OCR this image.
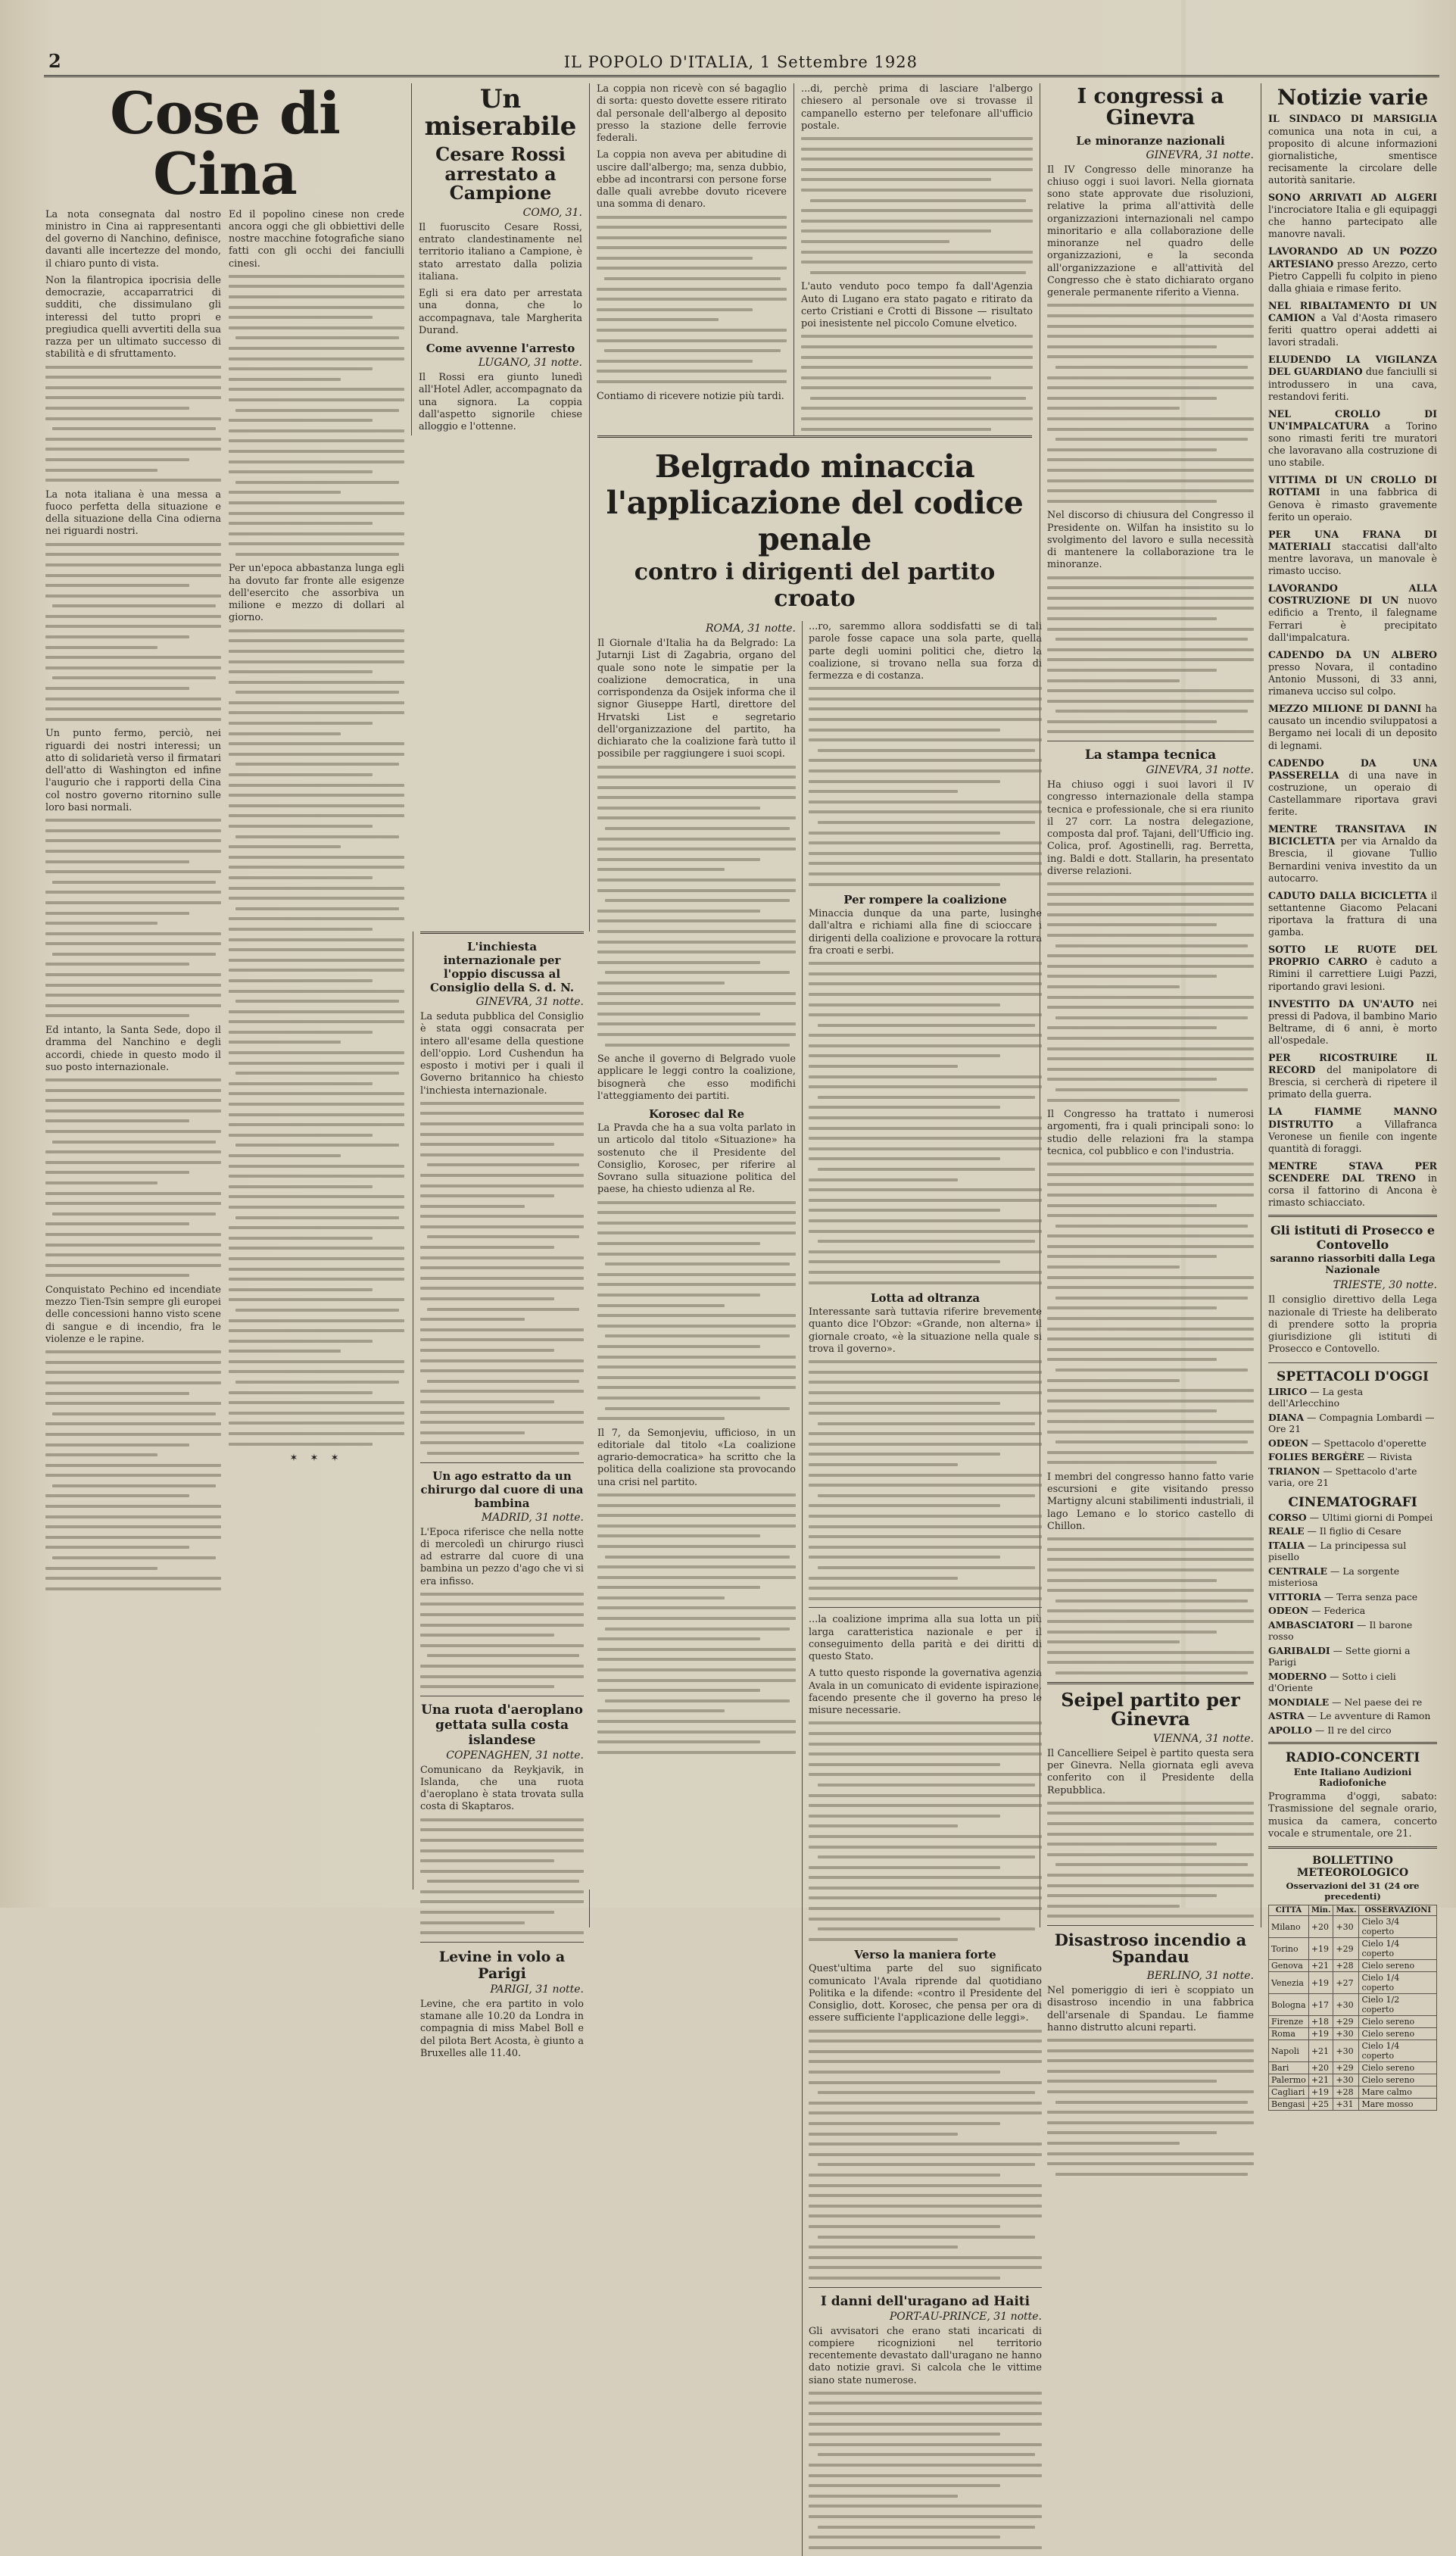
2	IL POPOLO D'ITALIA, 1 Settembre 1928
Cose di Cina

La nota consegnata dal nostro ministro in Cina ai rappresentanti del governo di Nanchino, definisce, davanti alle incertezze del mondo, il chiaro punto di vista.

Non la filantropica ipocrisia delle democrazie, accaparratrici di sudditi, che dissimulano gli interessi del tutto propri e pregiudica quelli avvertiti della sua razza per un ultimato successo di stabilità e di sfruttamento.

La nota italiana è una messa a fuoco perfetta della situazione e della situazione della Cina odierna nei riguardi nostri.

Un punto fermo, perciò, nei riguardi dei nostri interessi; un atto di solidarietà verso il firmatari dell'atto di Washington ed infine l'augurio che i rapporti della Cina col nostro governo ritornino sulle loro basi normali.

Ed intanto, la Santa Sede, dopo il dramma del Nanchino e degli accordi, chiede in questo modo il suo posto internazionale.

Conquistato Pechino ed incendiate mezzo Tien-Tsin sempre gli europei delle concessioni hanno visto scene di sangue e di incendio, fra le violenze e le rapine.

Ed il popolino cinese non crede ancora oggi che gli obbiettivi delle nostre macchine fotografiche siano fatti con gli occhi dei fanciulli cinesi.

Per un'epoca abbastanza lunga egli ha dovuto far fronte alle esigenze dell'esercito che assorbiva un milione e mezzo di dollari al giorno.

✶ ✶ ✶
Un miserabile
Cesare Rossi arrestato a Campione
COMO, 31.

Il fuoruscito Cesare Rossi, entrato clandestinamente nel territorio italiano a Campione, è stato arrestato dalla polizia italiana.

Egli si era dato per arrestata una donna, che lo accompagnava, tale Margherita Durand.

Come avvenne l'arresto
LUGANO, 31 notte.

Il Rossi era giunto lunedì all'Hotel Adler, accompagnato da una signora. La coppia dall'aspetto signorile chiese alloggio e l'ottenne.

La coppia non ricevè con sé bagaglio di sorta: questo dovette essere ritirato dal personale dell'albergo al deposito presso la stazione delle ferrovie federali.

La coppia non aveva per abitudine di uscire dall'albergo; ma, senza dubbio, ebbe ad incontrarsi con persone forse dalle quali avrebbe dovuto ricevere una somma di denaro.

Contiamo di ricevere notizie più tardi.

...di, perchè prima di lasciare l'albergo chiesero al personale ove si trovasse il campanello esterno per telefonare all'ufficio postale.

L'auto venduto poco tempo fa dall'Agenzia Auto di Lugano era stato pagato e ritirato da certo Cristiani e Crotti di Bissone — risultato poi inesistente nel piccolo Comune elvetico.

Belgrado minaccia l'applicazione del codice penale
contro i dirigenti del partito croato
ROMA, 31 notte.

Il Giornale d'Italia ha da Belgrado: La Jutarnji List di Zagabria, organo del quale sono note le simpatie per la coalizione democratica, in una corrispondenza da Osijek informa che il signor Giuseppe Hartl, direttore del Hrvatski List e segretario dell'organizzazione del partito, ha dichiarato che la coalizione farà tutto il possibile per raggiungere i suoi scopi.

Se anche il governo di Belgrado vuole applicare le leggi contro la coalizione, bisognerà che esso modifichi l'atteggiamento dei partiti.

Korosec dal Re

La Pravda che ha a sua volta parlato in un articolo dal titolo «Situazione» ha sostenuto che il Presidente del Consiglio, Korosec, per riferire al Sovrano sulla situazione politica del paese, ha chiesto udienza al Re.

Il 7, da Semonjeviu, ufficioso, in un editoriale dal titolo «La coalizione agrario-democratica» ha scritto che la politica della coalizione sta provocando una crisi nel partito.

...ro, saremmo allora soddisfatti se di tali parole fosse capace una sola parte, quella parte degli uomini politici che, dietro la coalizione, si trovano nella sua forza di fermezza e di costanza.

Per rompere la coalizione

Minaccia dunque da una parte, lusinghe dall'altra e richiami alla fine di scioccare i dirigenti della coalizione e provocare la rottura fra croati e serbi.

Lotta ad oltranza

Interessante sarà tuttavia riferire brevemente quanto dice l'Obzor: «Grande, non alterna» il giornale croato, «è la situazione nella quale si trova il governo».

...la coalizione imprima alla sua lotta un più larga caratteristica nazionale e per il conseguimento della parità e dei diritti di questo Stato.

A tutto questo risponde la governativa agenzia Avala in un comunicato di evidente ispirazione, facendo presente che il governo ha preso le misure necessarie.

Verso la maniera forte

Quest'ultima parte del suo significato comunicato l'Avala riprende dal quotidiano Politika e la difende: «contro il Presidente del Consiglio, dott. Korosec, che pensa per ora di essere sufficiente l'applicazione delle leggi».

I danni dell'uragano ad Haiti
PORT-AU-PRINCE, 31 notte.

Gli avvisatori che erano stati incaricati di compiere ricognizioni nel territorio recentemente devastato dall'uragano ne hanno dato notizie gravi. Si calcola che le vittime siano state numerose.

I congressi a Ginevra
Le minoranze nazionali
GINEVRA, 31 notte.

Il IV Congresso delle minoranze ha chiuso oggi i suoi lavori. Nella giornata sono state approvate due risoluzioni, relative la prima all'attività delle organizzazioni internazionali nel campo minoritario e alla collaborazione delle minoranze nel quadro delle organizzazioni, e la seconda all'organizzazione e all'attività del Congresso che è stato dichiarato organo generale permanente riferito a Vienna.

Nel discorso di chiusura del Congresso il Presidente on. Wilfan ha insistito su lo svolgimento del lavoro e sulla necessità di mantenere la collaborazione tra le minoranze.

La stampa tecnica
GINEVRA, 31 notte.

Ha chiuso oggi i suoi lavori il IV congresso internazionale della stampa tecnica e professionale, che si era riunito il 27 corr. La nostra delegazione, composta dal prof. Tajani, dell'Ufficio ing. Colica, prof. Agostinelli, rag. Berretta, ing. Baldi e dott. Stallarin, ha presentato diverse relazioni.

Il Congresso ha trattato i numerosi argomenti, fra i quali principali sono: lo studio delle relazioni fra la stampa tecnica, col pubblico e con l'industria.

I membri del congresso hanno fatto varie escursioni e gite visitando presso Martigny alcuni stabilimenti industriali, il lago Lemano e lo storico castello di Chillon.

Seipel partito per Ginevra
VIENNA, 31 notte.

Il Cancelliere Seipel è partito questa sera per Ginevra. Nella giornata egli aveva conferito con il Presidente della Repubblica.

Disastroso incendio a Spandau
BERLINO, 31 notte.

Nel pomeriggio di ieri è scoppiato un disastroso incendio in una fabbrica dell'arsenale di Spandau. Le fiamme hanno distrutto alcuni reparti.

Notizie varie
IL SINDACO DI MARSIGLIA comunica una nota in cui, a proposito di alcune informazioni giornalistiche, smentisce recisamente la circolare delle autorità sanitarie.
SONO ARRIVATI AD ALGERI l'incrociatore Italia e gli equipaggi che hanno partecipato alle manovre navali.
LAVORANDO AD UN POZZO ARTESIANO presso Arezzo, certo Pietro Cappelli fu colpito in pieno dalla ghiaia e rimase ferito.
NEL RIBALTAMENTO DI UN CAMION a Val d'Aosta rimasero feriti quattro operai addetti ai lavori stradali.
ELUDENDO LA VIGILANZA DEL GUARDIANO due fanciulli si introdussero in una cava, restandovi feriti.
NEL CROLLO DI UN'IMPALCATURA a Torino sono rimasti feriti tre muratori che lavoravano alla costruzione di uno stabile.
VITTIMA DI UN CROLLO DI ROTTAMI in una fabbrica di Genova è rimasto gravemente ferito un operaio.
PER UNA FRANA DI MATERIALI staccatisi dall'alto mentre lavorava, un manovale è rimasto ucciso.
LAVORANDO ALLA COSTRUZIONE DI UN nuovo edificio a Trento, il falegname Ferrari è precipitato dall'impalcatura.
CADENDO DA UN ALBERO presso Novara, il contadino Antonio Mussoni, di 33 anni, rimaneva ucciso sul colpo.
MEZZO MILIONE DI DANNI ha causato un incendio sviluppatosi a Bergamo nei locali di un deposito di legnami.
CADENDO DA UNA PASSERELLA di una nave in costruzione, un operaio di Castellammare riportava gravi ferite.
MENTRE TRANSITAVA IN BICICLETTA per via Arnaldo da Brescia, il giovane Tullio Bernardini veniva investito da un autocarro.
CADUTO DALLA BICICLETTA il settantenne Giacomo Pelacani riportava la frattura di una gamba.
SOTTO LE RUOTE DEL PROPRIO CARRO è caduto a Rimini il carrettiere Luigi Pazzi, riportando gravi lesioni.
INVESTITO DA UN'AUTO nei pressi di Padova, il bambino Mario Beltrame, di 6 anni, è morto all'ospedale.
PER RICOSTRUIRE IL RECORD del manipolatore di Brescia, si cercherà di ripetere il primato della guerra.
LA FIAMME MANNO DISTRUTTO a Villafranca Veronese un fienile con ingente quantità di foraggi.
MENTRE STAVA PER SCENDERE DAL TRENO in corsa il fattorino di Ancona è rimasto schiacciato.
Gli istituti di Prosecco e Contovello
saranno riassorbiti dalla Lega Nazionale
TRIESTE, 30 notte.

Il consiglio direttivo della Lega nazionale di Trieste ha deliberato di prendere sotto la propria giurisdizione gli istituti di Prosecco e Contovello.

SPETTACOLI D'OGGI
LIRICO — La gesta dell'Arlecchino
DIANA — Compagnia Lombardi — Ore 21
ODEON — Spettacolo d'operette
FOLIES BERGÈRE — Rivista
TRIANON — Spettacolo d'arte varia, ore 21
CINEMATOGRAFI
CORSO — Ultimi giorni di Pompei
REALE — Il figlio di Cesare
ITALIA — La principessa sul pisello
CENTRALE — La sorgente misteriosa
VITTORIA — Terra senza pace
ODEON — Federica
AMBASCIATORI — Il barone rosso
GARIBALDI — Sette giorni a Parigi
MODERNO — Sotto i cieli d'Oriente
MONDIALE — Nel paese dei re
ASTRA — Le avventure di Ramon
APOLLO — Il re del circo
RADIO-CONCERTI
Ente Italiano Audizioni Radiofoniche

Programma d'oggi, sabato: Trasmissione del segnale orario, musica da camera, concerto vocale e strumentale, ore 21.

BOLLETTINO METEOROLOGICO
Osservazioni del 31 (24 ore precedenti)
CITTÀ	Min.	Max.	OSSERVAZIONI
Milano	+20	+30	Cielo 3/4 coperto
Torino	+19	+29	Cielo 1/4 coperto
Genova	+21	+28	Cielo sereno
Venezia	+19	+27	Cielo 1/4 coperto
Bologna	+17	+30	Cielo 1/2 coperto
Firenze	+18	+29	Cielo sereno
Roma	+19	+30	Cielo sereno
Napoli	+21	+30	Cielo 1/4 coperto
Bari	+20	+29	Cielo sereno
Palermo	+21	+30	Cielo sereno
Cagliari	+19	+28	Mare calmo
Bengasi	+25	+31	Mare mosso
L'inchiesta internazionale per l'oppio discussa al Consiglio della S. d. N.
GINEVRA, 31 notte.

La seduta pubblica del Consiglio è stata oggi consacrata per intero all'esame della questione dell'oppio. Lord Cushendun ha esposto i motivi per i quali il Governo britannico ha chiesto l'inchiesta internazionale.

Un ago estratto da un chirurgo dal cuore di una bambina
MADRID, 31 notte.

L'Epoca riferisce che nella notte di mercoledì un chirurgo riuscì ad estrarre dal cuore di una bambina un pezzo d'ago che vi si era infisso.

Una ruota d'aeroplano gettata sulla costa islandese
COPENAGHEN, 31 notte.

Comunicano da Reykjavik, in Islanda, che una ruota d'aeroplano è stata trovata sulla costa di Skaptaros.

Levine in volo a Parigi
PARIGI, 31 notte.

Levine, che era partito in volo stamane alle 10.20 da Londra in compagnia di miss Mabel Boll e del pilota Bert Acosta, è giunto a Bruxelles alle 11.40.
